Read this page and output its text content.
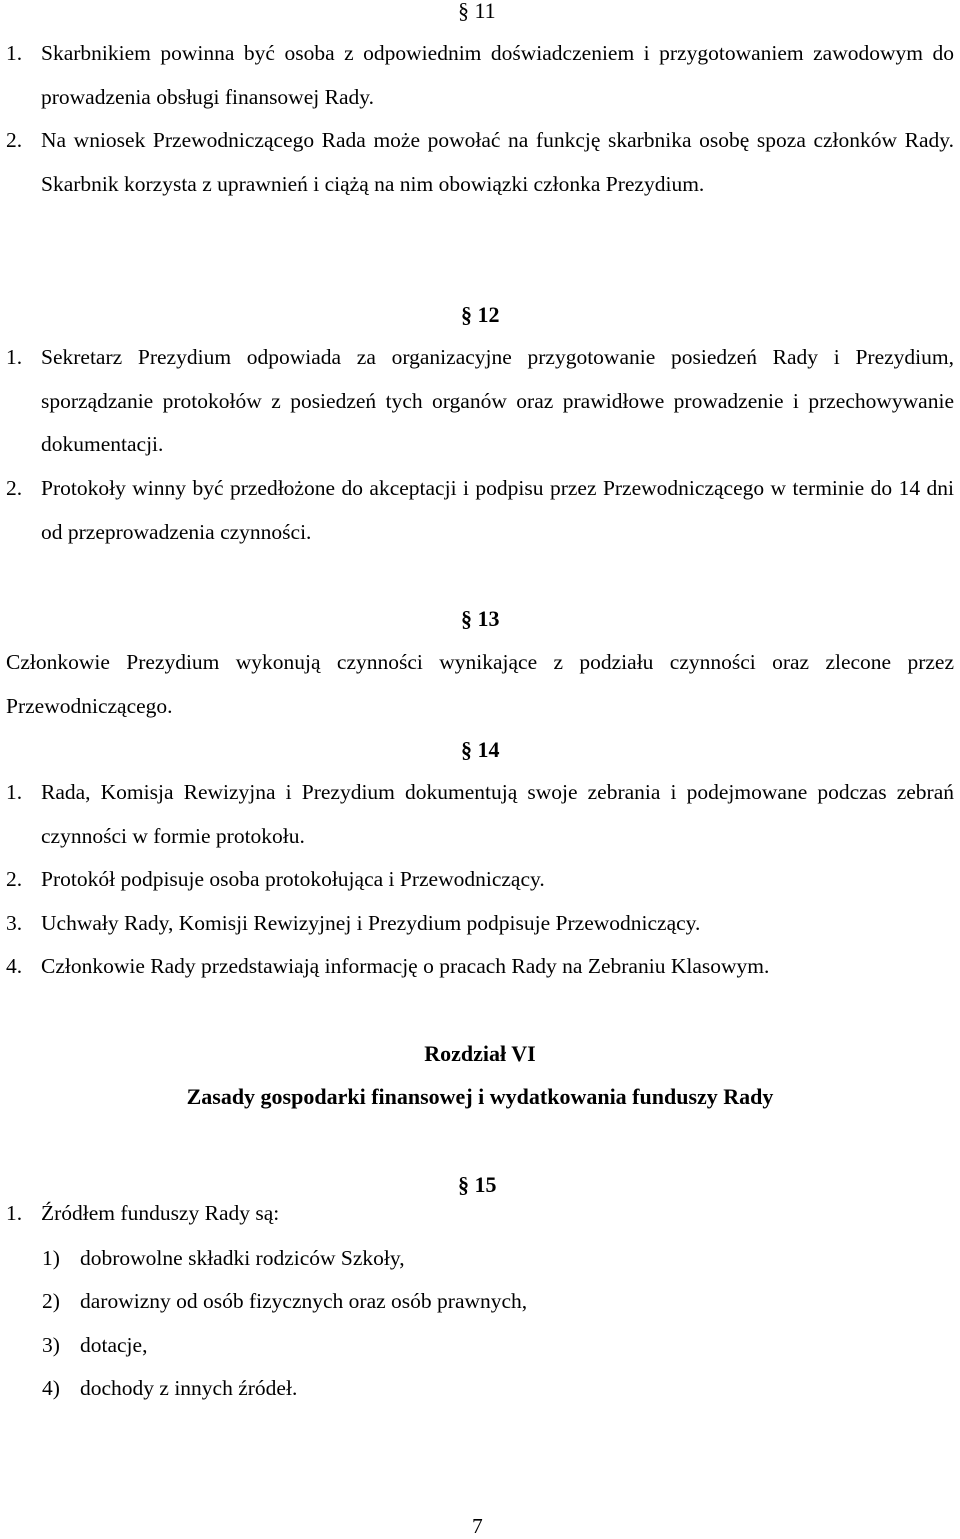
§ 11

1. Skarbnikiem powinna być osoba z odpowiednim doświadczeniem i przygotowaniem zawodowym do prowadzenia obsługi finansowej Rady.
2. Na wniosek Przewodniczącego Rada może powołać na funkcję skarbnika osobę spoza członków Rady. Skarbnik korzysta z uprawnień i ciążą na nim obowiązki członka Prezydium.

§ 12

1. Sekretarz Prezydium odpowiada za organizacyjne przygotowanie posiedzeń Rady i Prezydium, sporządzanie protokołów z posiedzeń tych organów oraz prawidłowe prowadzenie i przechowywanie dokumentacji.
2. Protokoły winny być przedłożone do akceptacji i podpisu przez Przewodniczącego w terminie do 14 dni od przeprowadzenia czynności.

§ 13

Członkowie Prezydium wykonują czynności wynikające z podziału czynności oraz zlecone przez Przewodniczącego.

§ 14

1. Rada, Komisja Rewizyjna i Prezydium dokumentują swoje zebrania i podejmowane podczas zebrań czynności w formie protokołu.
2. Protokół podpisuje osoba protokołująca i Przewodniczący.
3. Uchwały Rady, Komisji Rewizyjnej i Prezydium podpisuje Przewodniczący.
4. Członkowie Rady przedstawiają informację o pracach Rady na Zebraniu Klasowym.

Rozdział VI

Zasady gospodarki finansowej i wydatkowania funduszy Rady

§ 15

1. Źródłem funduszy Rady są:

1) dobrowolne składki rodziców Szkoły,

2) darowizny od osób fizycznych oraz osób prawnych,

3) dotacje,

4) dochody z innych źródeł.

7
